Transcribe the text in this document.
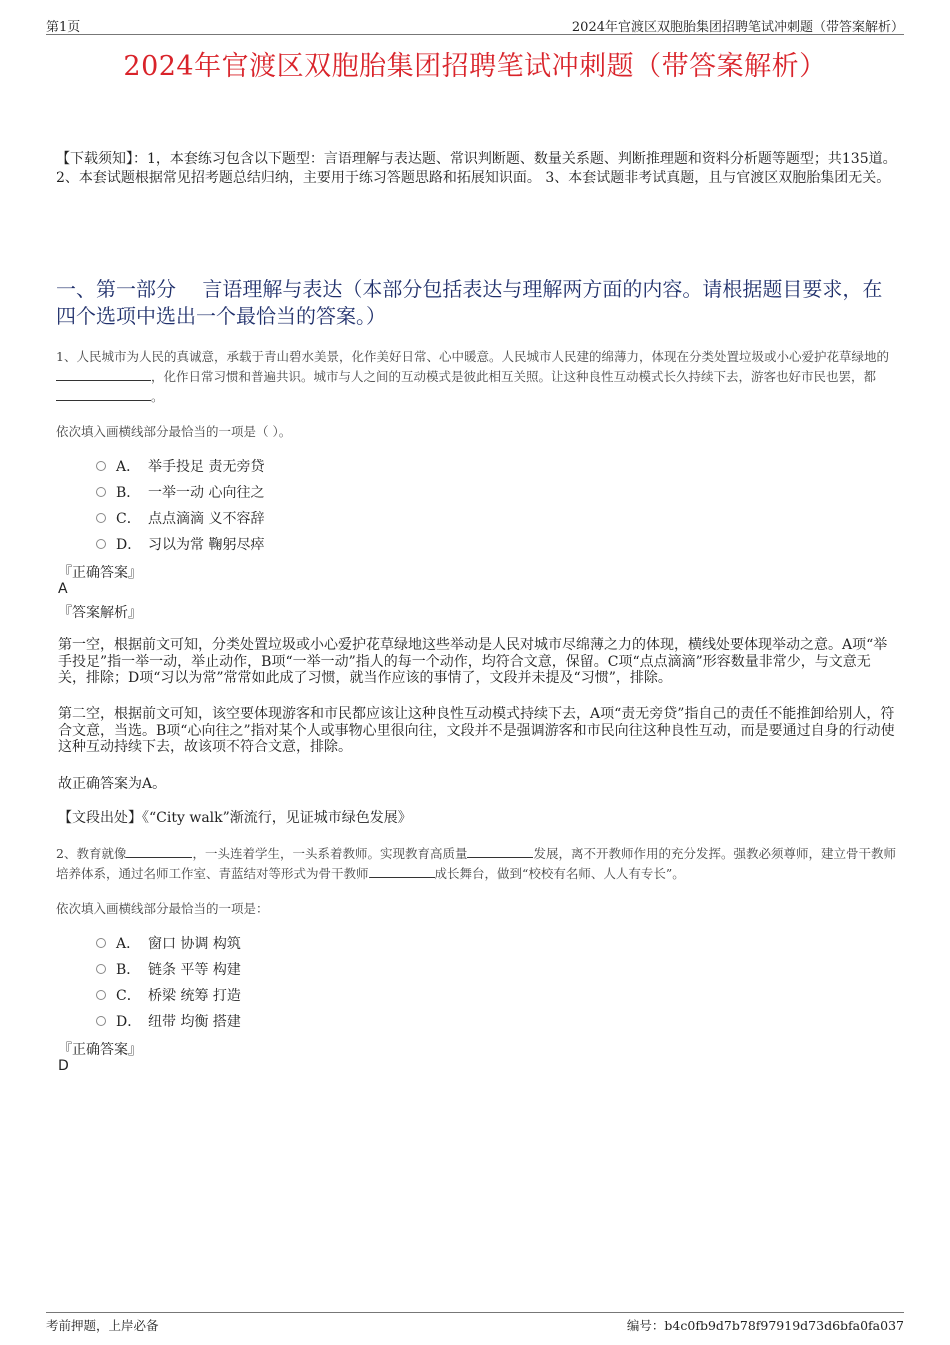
第1页	2024年官渡区双胞胎集团招聘笔试冲刺题（带答案解析）
2024年官渡区双胞胎集团招聘笔试冲刺题（带答案解析）
【下载须知】：1，本套练习包含以下题型：言语理解与表达题、常识判断题、数量关系题、判断推理题和资料分析题等题型；共135道。 2、本套试题根据常见招考题总结归纳，主要用于练习答题思路和拓展知识面。 3、本套试题非考试真题，且与官渡区双胞胎集团无关。
一、第一部分　 言语理解与表达（本部分包括表达与理解两方面的内容。请根据题目要求，在四个选项中选出一个最恰当的答案。）
1、人民城市为人民的真诚意，承载于青山碧水美景，化作美好日常、心中暖意。人民城市人民建的绵薄力，体现在分类处置垃圾或小心爱护花草绿地的，化作日常习惯和普遍共识。城市与人之间的互动模式是彼此相互关照。让这种良性互动模式长久持续下去，游客也好市民也罢，都。
依次填入画横线部分最恰当的一项是（ ）。
A． 举手投足 责无旁贷
B． 一举一动 心向往之
C． 点点滴滴 义不容辞
D． 习以为常 鞠躬尽瘁
『正确答案』
A
『答案解析』
第一空，根据前文可知，分类处置垃圾或小心爱护花草绿地这些举动是人民对城市尽绵薄之力的体现，横线处要体现举动之意。A项“举手投足”指一举一动，举止动作，B项“一举一动”指人的每一个动作，均符合文意，保留。C项“点点滴滴”形容数量非常少，与文意无关，排除；D项“习以为常”常常如此成了习惯，就当作应该的事情了，文段并未提及“习惯”，排除。
第二空，根据前文可知，该空要体现游客和市民都应该让这种良性互动模式持续下去，A项“责无旁贷”指自己的责任不能推卸给别人，符合文意，当选。B项“心向往之”指对某个人或事物心里很向往，文段并不是强调游客和市民向往这种良性互动，而是要通过自身的行动使这种互动持续下去，故该项不符合文意，排除。
故正确答案为A。
【文段出处】《“City walk”渐流行，见证城市绿色发展》
2、教育就像	，一头连着学生，一头系着教师。实现教育高质量	发展，离不开教师作用的充分发挥。强教必须尊师，建立骨干教师培养体系，通过名师工作室、青蓝结对等形式为骨干教师	成长舞台，做到“校校有名师、人人有专长”。
依次填入画横线部分最恰当的一项是：
A． 窗口 协调 构筑
B． 链条 平等 构建
C． 桥梁 统筹 打造
D． 纽带 均衡 搭建
『正确答案』
D
考前押题，上岸必备	编号：b4c0fb9d7b78f97919d73d6bfa0fa037
